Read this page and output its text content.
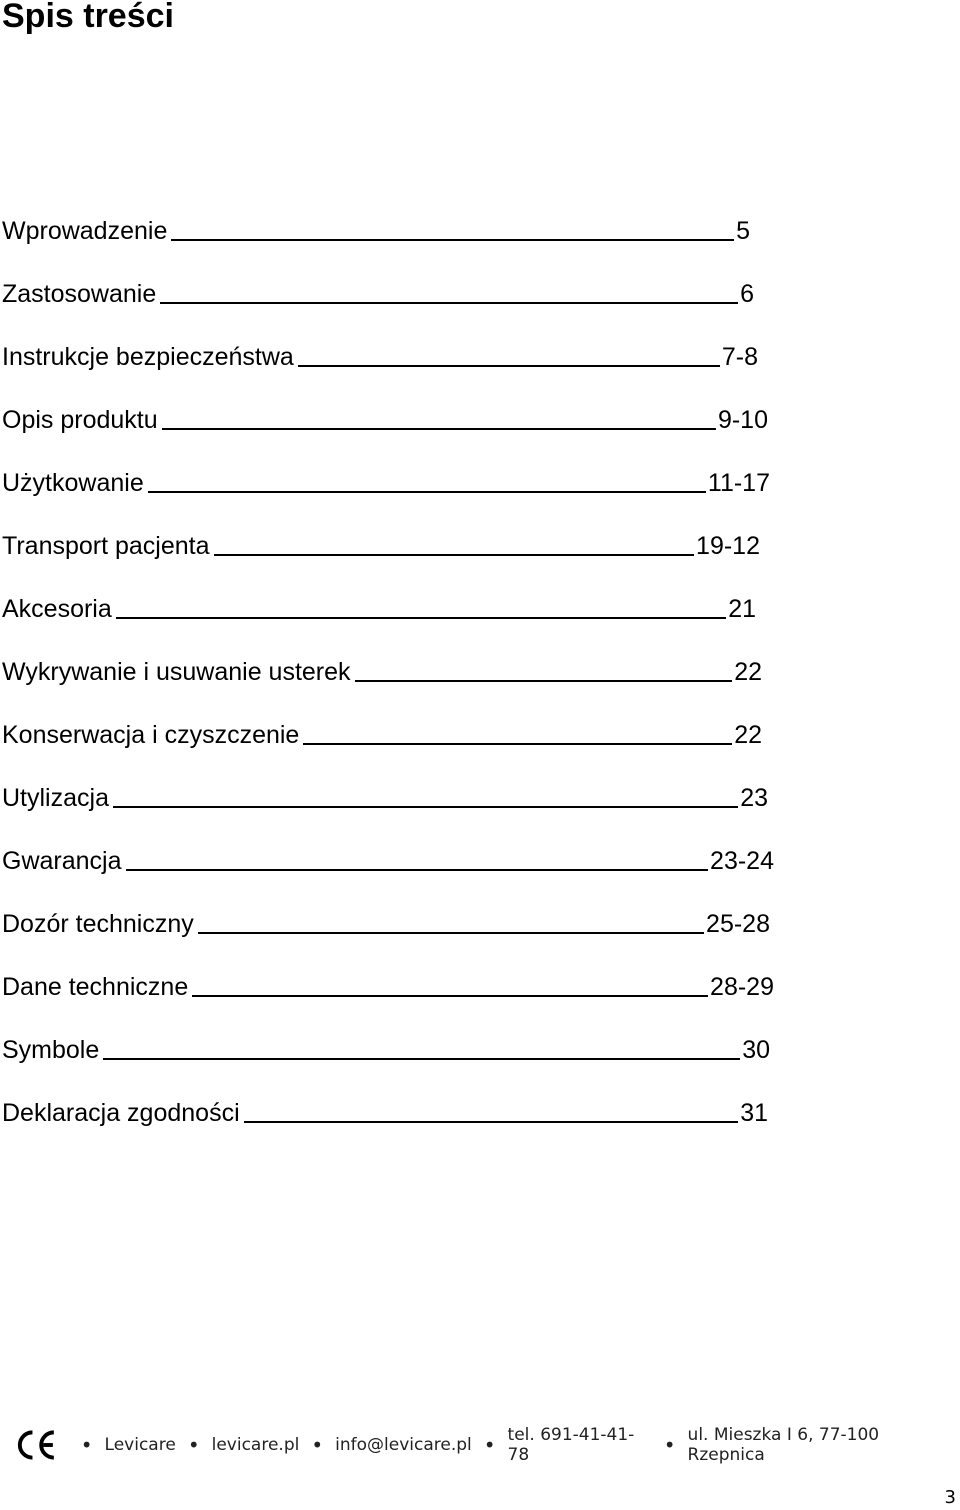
Spis treści
Wprowadzenie	5
Zastosowanie	6
Instrukcje bezpieczeństwa	7-8
Opis produktu	9-10
Użytkowanie	11-17
Transport pacjenta	19-12
Akcesoria	21
Wykrywanie i usuwanie usterek	22
Konserwacja i czyszczenie	22
Utylizacja	23
Gwarancja	23-24
Dozór techniczny	25-28
Dane techniczne	28-29
Symbole	30
Deklaracja zgodności	31
• Levicare • levicare.pl • info@levicare.pl • tel. 691-41-41-78	• ul. Mieszka I 6, 77-100 Rzepnica
3
